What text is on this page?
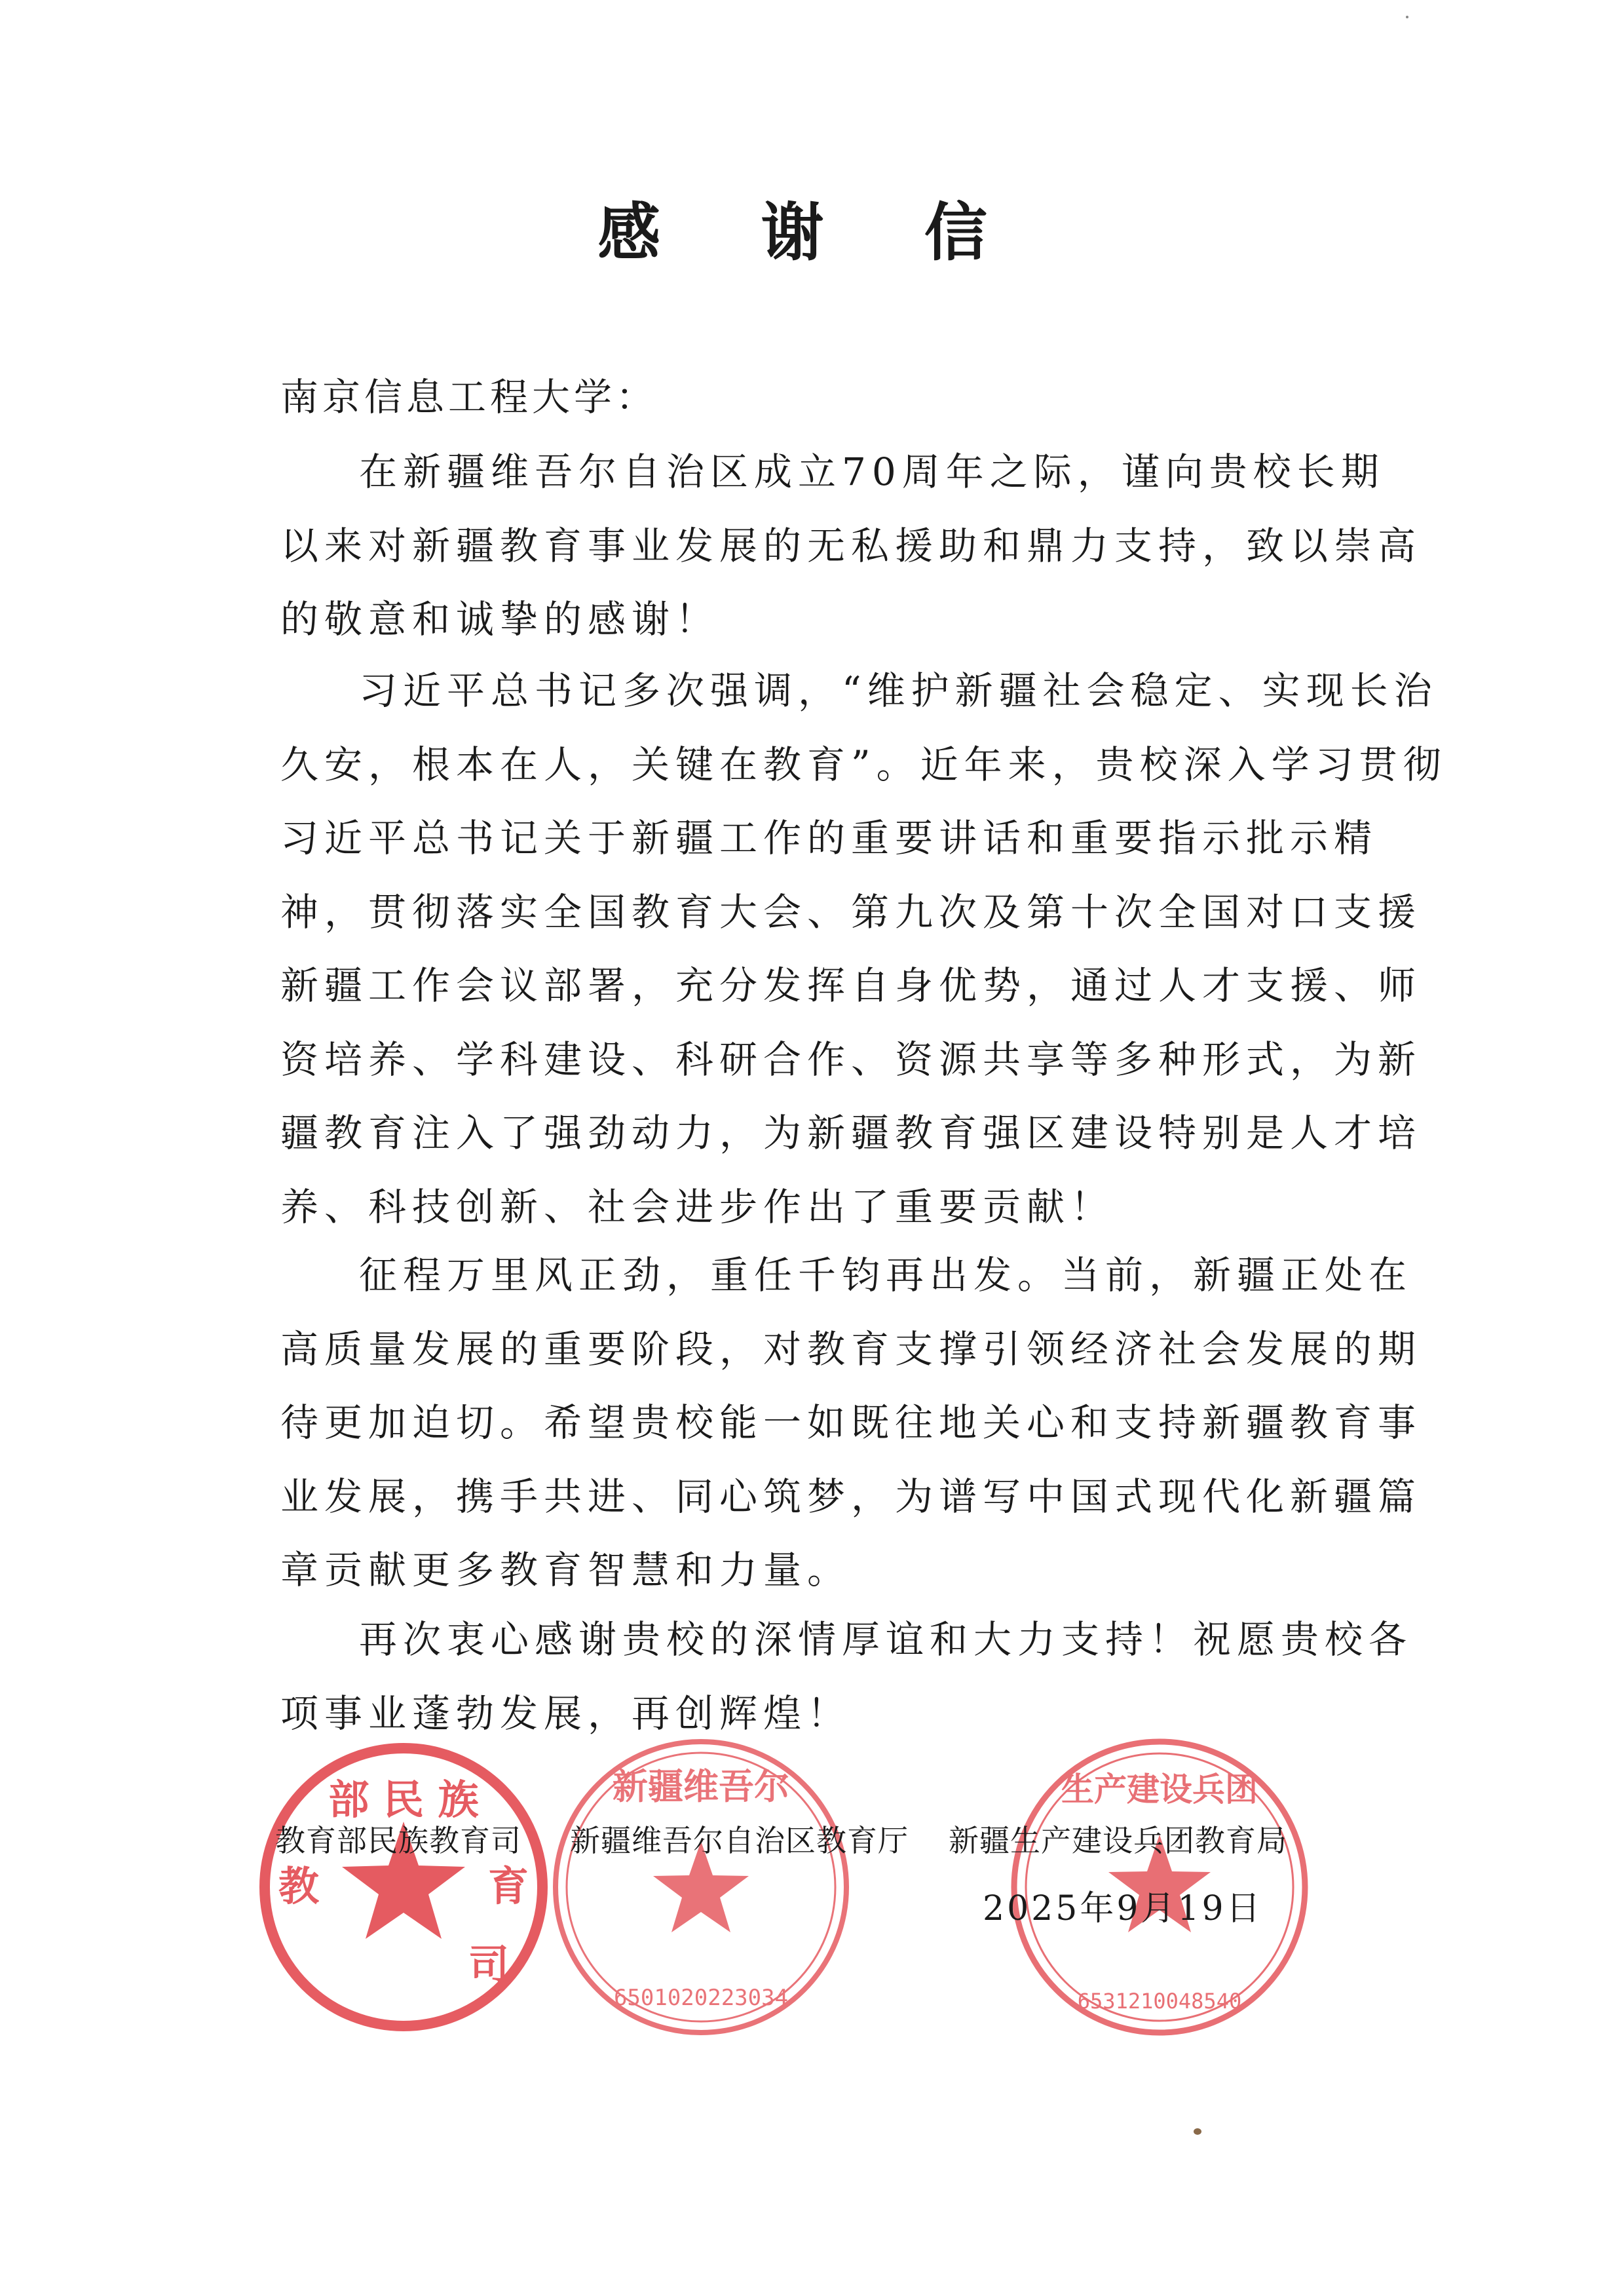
感 谢 信
南京信息工程大学：
在新疆维吾尔自治区成立70周年之际，谨向贵校长期
以来对新疆教育事业发展的无私援助和鼎力支持，致以崇高
的敬意和诚挚的感谢！
习近平总书记多次强调，“维护新疆社会稳定、实现长治
久安，根本在人，关键在教育”。近年来，贵校深入学习贯彻
习近平总书记关于新疆工作的重要讲话和重要指示批示精
神，贯彻落实全国教育大会、第九次及第十次全国对口支援
新疆工作会议部署，充分发挥自身优势，通过人才支援、师
资培养、学科建设、科研合作、资源共享等多种形式，为新
疆教育注入了强劲动力，为新疆教育强区建设特别是人才培
养、科技创新、社会进步作出了重要贡献！
征程万里风正劲，重任千钧再出发。当前，新疆正处在
高质量发展的重要阶段，对教育支撑引领经济社会发展的期
待更加迫切。希望贵校能一如既往地关心和支持新疆教育事
业发展，携手共进、同心筑梦，为谱写中国式现代化新疆篇
章贡献更多教育智慧和力量。
再次衷心感谢贵校的深情厚谊和大力支持！祝愿贵校各
项事业蓬勃发展，再创辉煌！
部 民 族
教	育
司
新疆维吾尔
6501020223034
生产建设兵团
6531210048540
教育部民族教育司 新疆维吾尔自治区教育厅 新疆生产建设兵团教育局
2025年9月19日
